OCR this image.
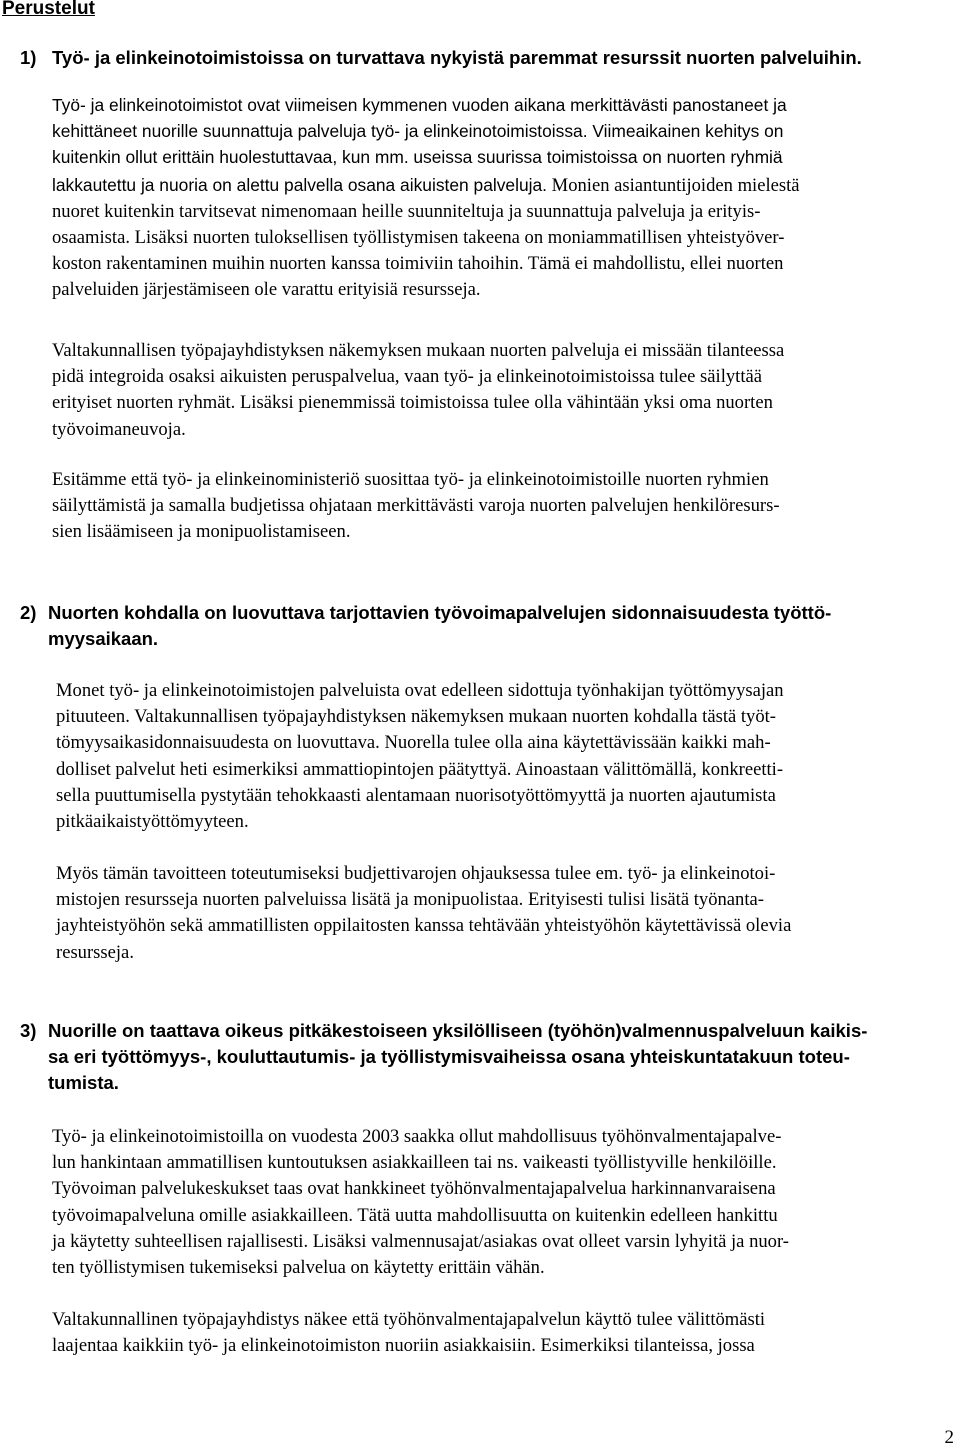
Perustelut
1) Työ- ja elinkeinotoimistoissa on turvattava nykyistä paremmat resurssit nuorten palveluihin.
Työ- ja elinkeinotoimistot ovat viimeisen kymmenen vuoden aikana merkittävästi panostaneet ja
kehittäneet nuorille suunnattuja palveluja työ- ja elinkeinotoimistoissa. Viimeaikainen kehitys on
kuitenkin ollut erittäin huolestuttavaa, kun mm. useissa suurissa toimistoissa on nuorten ryhmiä
lakkautettu ja nuoria on alettu palvella osana aikuisten palveluja. Monien asiantuntijoiden mielestä
nuoret kuitenkin tarvitsevat nimenomaan heille suunniteltuja ja suunnattuja palveluja ja erityis-
osaamista. Lisäksi nuorten tuloksellisen työllistymisen takeena on moniammatillisen yhteistyöver-
koston rakentaminen muihin nuorten kanssa toimiviin tahoihin. Tämä ei mahdollistu, ellei nuorten
palveluiden järjestämiseen ole varattu erityisiä resursseja.
Valtakunnallisen työpajayhdistyksen näkemyksen mukaan nuorten palveluja ei missään tilanteessa
pidä integroida osaksi aikuisten peruspalvelua, vaan työ- ja elinkeinotoimistoissa tulee säilyttää
erityiset nuorten ryhmät. Lisäksi pienemmissä toimistoissa tulee olla vähintään yksi oma nuorten
työvoimaneuvoja.
Esitämme että työ- ja elinkeinoministeriö suosittaa työ- ja elinkeinotoimistoille nuorten ryhmien
säilyttämistä ja samalla budjetissa ohjataan merkittävästi varoja nuorten palvelujen henkilöresurs-
sien lisäämiseen ja monipuolistamiseen.
2) Nuorten kohdalla on luovuttava tarjottavien työvoimapalvelujen sidonnaisuudesta työttö-
myysaikaan.
Monet työ- ja elinkeinotoimistojen palveluista ovat edelleen sidottuja työnhakijan työttömyysajan
pituuteen. Valtakunnallisen työpajayhdistyksen näkemyksen mukaan nuorten kohdalla tästä työt-
tömyysaikasidonnaisuudesta on luovuttava. Nuorella tulee olla aina käytettävissään kaikki mah-
dolliset palvelut heti esimerkiksi ammattiopintojen päätyttyä. Ainoastaan välittömällä, konkreetti-
sella puuttumisella pystytään tehokkaasti alentamaan nuorisotyöttömyyttä ja nuorten ajautumista
pitkäaikaistyöttömyyteen.
Myös tämän tavoitteen toteutumiseksi budjettivarojen ohjauksessa tulee em. työ- ja elinkeinotoi-
mistojen resursseja nuorten palveluissa lisätä ja monipuolistaa. Erityisesti tulisi lisätä työnanta-
jayhteistyöhön sekä ammatillisten oppilaitosten kanssa tehtävään yhteistyöhön käytettävissä olevia
resursseja.
3) Nuorille on taattava oikeus pitkäkestoiseen yksilölliseen (työhön)valmennuspalveluun kaikis-
sa eri työttömyys-, kouluttautumis- ja työllistymisvaiheissa osana yhteiskuntatakuun toteu-
tumista.
Työ- ja elinkeinotoimistoilla on vuodesta 2003 saakka ollut mahdollisuus työhönvalmentajapalve-
lun hankintaan ammatillisen kuntoutuksen asiakkailleen tai ns. vaikeasti työllistyville henkilöille.
Työvoiman palvelukeskukset taas ovat hankkineet työhönvalmentajapalvelua harkinnanvaraisena
työvoimapalveluna omille asiakkailleen. Tätä uutta mahdollisuutta on kuitenkin edelleen hankittu
ja käytetty suhteellisen rajallisesti. Lisäksi valmennusajat/asiakas ovat olleet varsin lyhyitä ja nuor-
ten työllistymisen tukemiseksi palvelua on käytetty erittäin vähän.
Valtakunnallinen työpajayhdistys näkee että työhönvalmentajapalvelun käyttö tulee välittömästi
laajentaa kaikkiin työ- ja elinkeinotoimiston nuoriin asiakkaisiin. Esimerkiksi tilanteissa, jossa
2
